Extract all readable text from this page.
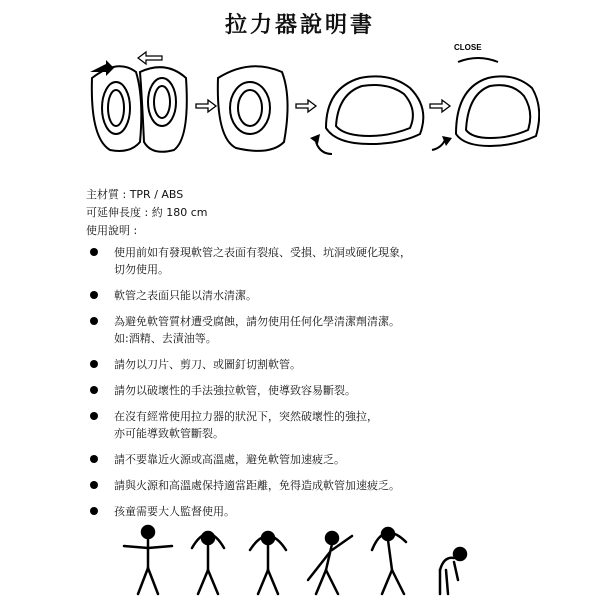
拉力器說明書
CLOSE
主材質 : TPR / ABS
可延伸長度 : 約 180 cm
使用說明 :
使用前如有發現軟管之表面有裂痕、受損、坑洞或硬化現象，
切勿使用。
軟管之表面只能以清水清潔。
為避免軟管質材遭受腐蝕，請勿使用任何化學清潔劑清潔。
如:酒精、去漬油等。
請勿以刀片、剪刀、或圖釘切割軟管。
請勿以破壞性的手法強拉軟管，使導致容易斷裂。
在沒有經常使用拉力器的狀況下，突然破壞性的強拉，
亦可能導致軟管斷裂。
請不要靠近火源或高溫處，避免軟管加速疲乏。
請與火源和高溫處保持適當距離，免得造成軟管加速疲乏。
孩童需要大人監督使用。
